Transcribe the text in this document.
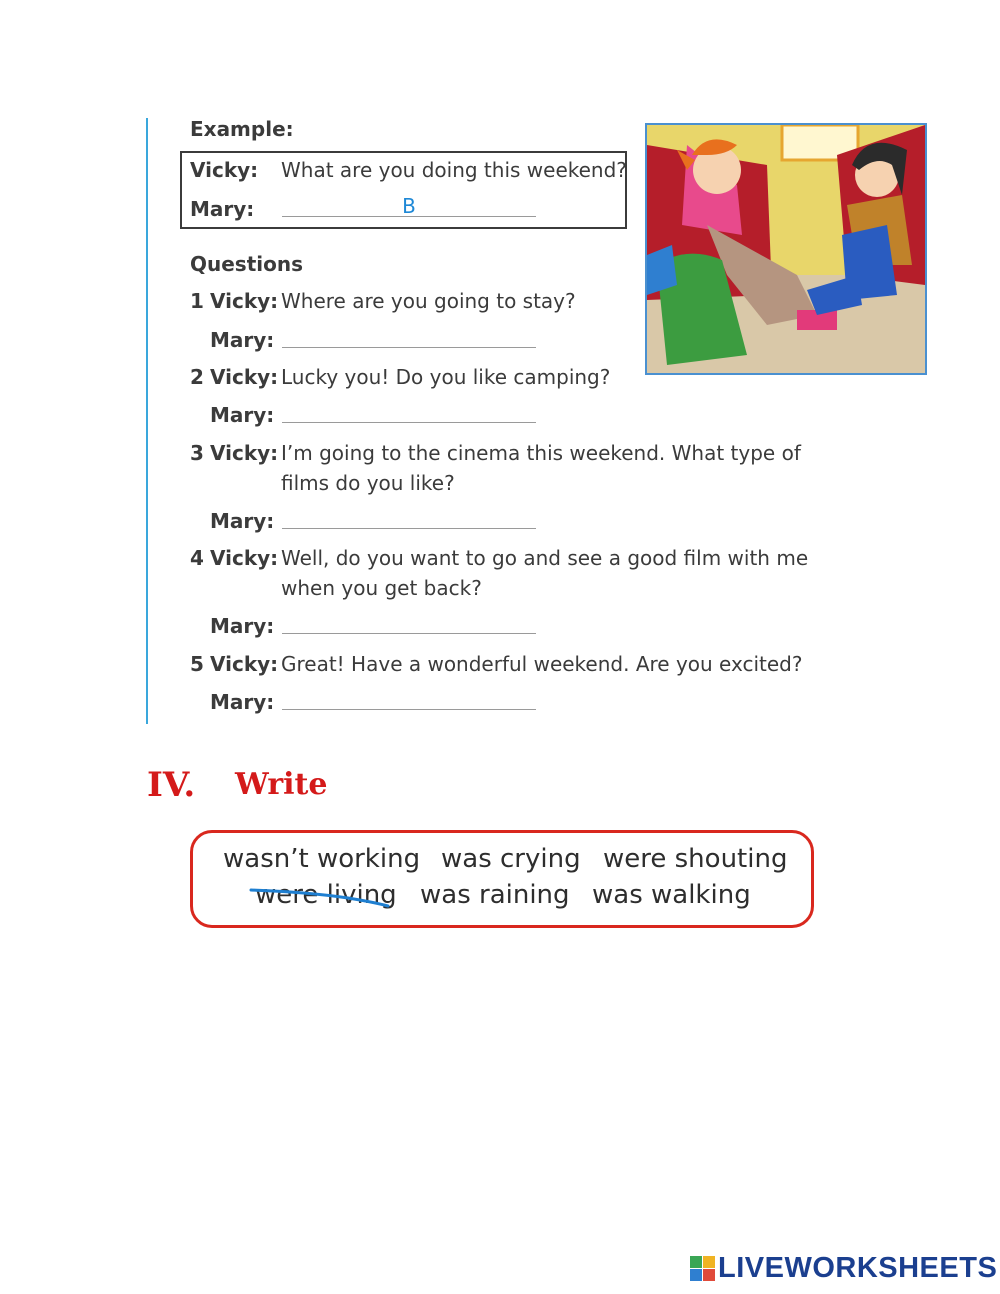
Example:
Vicky: What are you doing this weekend?
Mary:
B
Questions
1 Vicky: Where are you going to stay?
Mary:
2 Vicky: Lucky you! Do you like camping?
Mary:
3 Vicky: I’m going to the cinema this weekend. What type of
films do you like?
Mary:
4 Vicky: Well, do you want to go and see a good film with me
when you get back?
Mary:
5 Vicky: Great! Have a wonderful weekend. Are you excited?
Mary:
IV. Write
wasn’t working was crying were shouting
were living was raining was walking
LIVEWORKSHEETS
